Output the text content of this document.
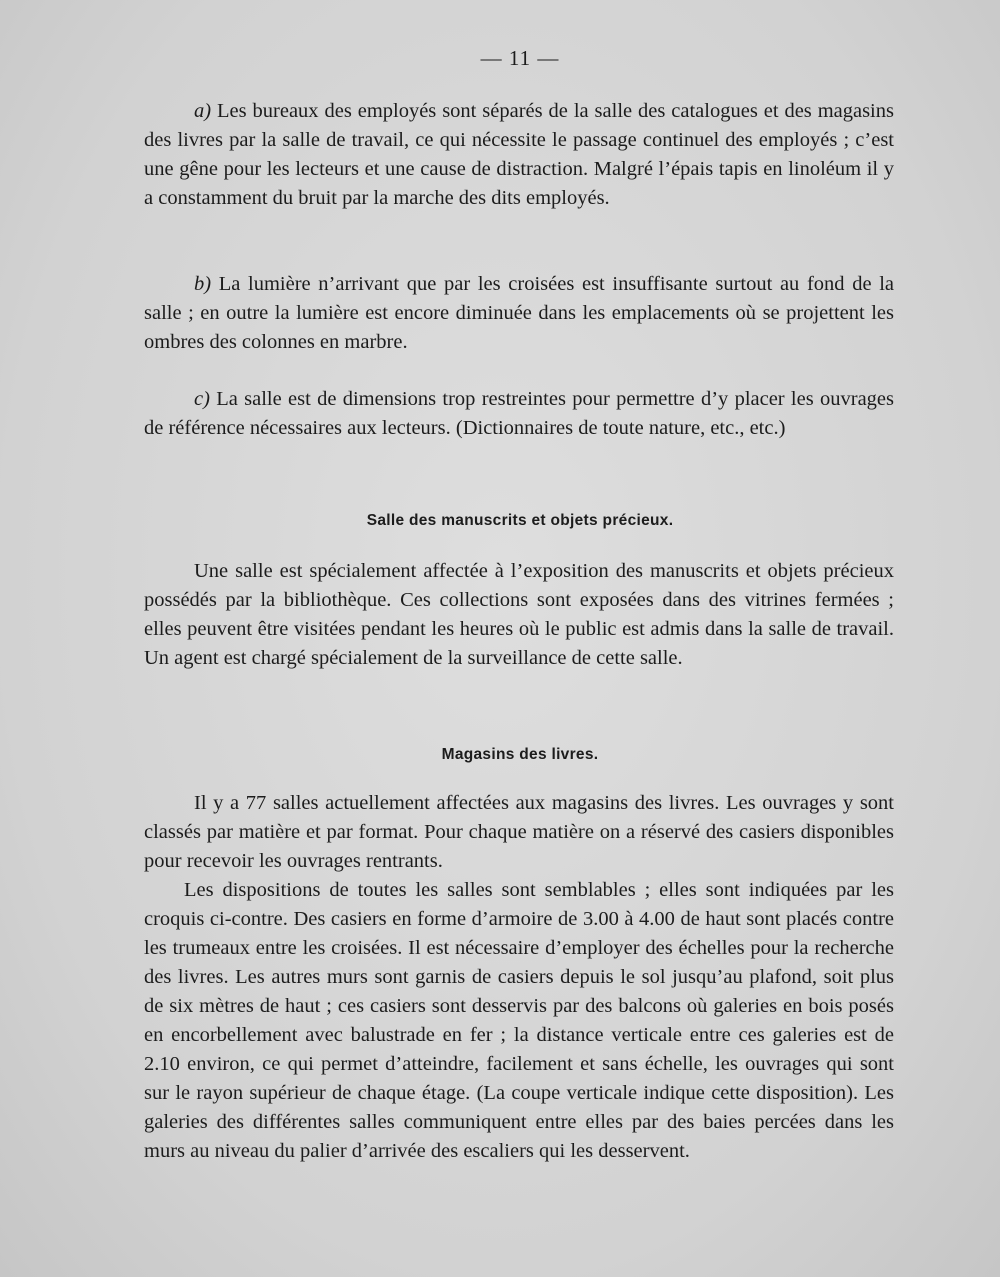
— 11 —

a) Les bureaux des employés sont séparés de la salle des catalogues et des magasins des livres par la salle de travail, ce qui nécessite le passage continuel des employés ; c’est une gêne pour les lecteurs et une cause de distraction. Malgré l’épais tapis en linoléum il y a constamment du bruit par la marche des dits employés.

b) La lumière n’arrivant que par les croisées est insuffisante surtout au fond de la salle ; en outre la lumière est encore diminuée dans les emplacements où se projettent les ombres des colonnes en marbre.

c) La salle est de dimensions trop restreintes pour permettre d’y placer les ouvrages de référence nécessaires aux lecteurs. (Dictionnaires de toute nature, etc., etc.)

Salle des manuscrits et objets précieux.

Une salle est spécialement affectée à l’exposition des manuscrits et objets précieux possédés par la bibliothèque. Ces collections sont exposées dans des vitrines fermées ; elles peuvent être visitées pendant les heures où le public est admis dans la salle de travail. Un agent est chargé spécialement de la surveillance de cette salle.

Magasins des livres.

Il y a 77 salles actuellement affectées aux magasins des livres. Les ouvrages y sont classés par matière et par format. Pour chaque matière on a réservé des casiers disponibles pour recevoir les ouvrages rentrants.

Les dispositions de toutes les salles sont semblables ; elles sont indiquées par les croquis ci-contre. Des casiers en forme d’armoire de 3.00 à 4.00 de haut sont placés contre les trumeaux entre les croisées. Il est nécessaire d’employer des échelles pour la recherche des livres. Les autres murs sont garnis de casiers depuis le sol jusqu’au plafond, soit plus de six mètres de haut ; ces casiers sont desservis par des balcons où galeries en bois posés en encorbellement avec balustrade en fer ; la distance verticale entre ces galeries est de 2.10 environ, ce qui permet d’atteindre, facilement et sans échelle, les ouvrages qui sont sur le rayon supérieur de chaque étage. (La coupe verticale indique cette disposition). Les galeries des différentes salles communiquent entre elles par des baies percées dans les murs au niveau du palier d’arrivée des escaliers qui les desservent.
